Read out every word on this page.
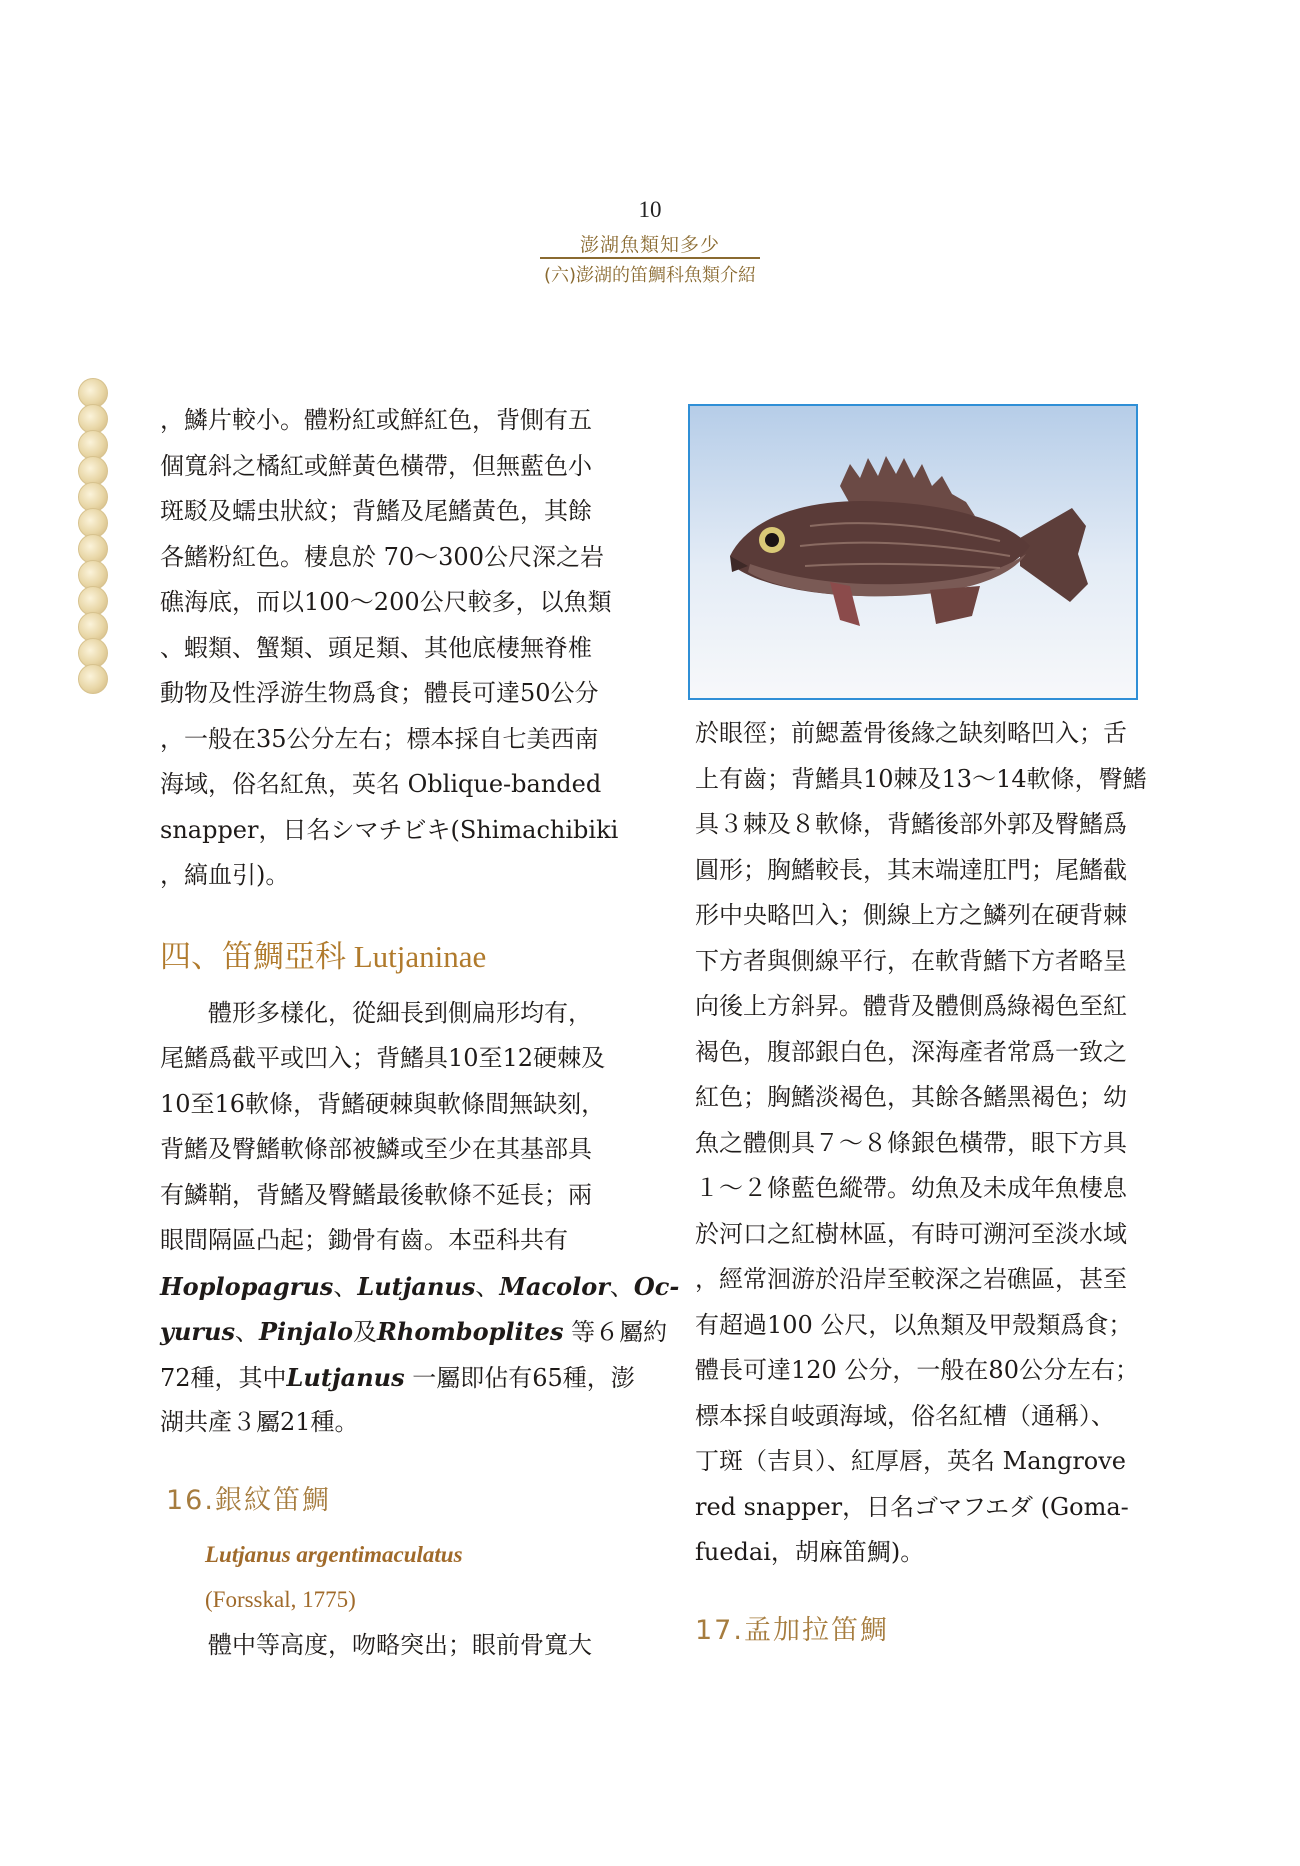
10
澎湖魚類知多少
(六)澎湖的笛鯛科魚類介紹
，鱗片較小。體粉紅或鮮紅色，背側有五
個寬斜之橘紅或鮮黃色橫帶，但無藍色小
斑駁及蠕虫狀紋；背鰭及尾鰭黃色，其餘
各鰭粉紅色。棲息於 70～300公尺深之岩
礁海底，而以100～200公尺較多，以魚類
、蝦類、蟹類、頭足類、其他底棲無脊椎
動物及性浮游生物爲食；體長可達50公分
，一般在35公分左右；標本採自七美西南
海域，俗名紅魚，英名 Oblique-banded
snapper，日名シマチビキ(Shimachibiki
，縞血引)。
四、笛鯛亞科 Lutjaninae
體形多樣化，從細長到側扁形均有，
尾鰭爲截平或凹入；背鰭具10至12硬棘及
10至16軟條，背鰭硬棘與軟條間無缺刻，
背鰭及臀鰭軟條部被鱗或至少在其基部具
有鱗鞘，背鰭及臀鰭最後軟條不延長；兩
眼間隔區凸起；鋤骨有齒。本亞科共有
Hoplopagrus、Lutjanus、Macolor、Oc-
yurus、Pinjalo及Rhomboplites 等６屬約
72種，其中Lutjanus 一屬即佔有65種，澎
湖共產３屬21種。
16.銀紋笛鯛
Lutjanus argentimaculatus
(Forsskal, 1775)
體中等高度，吻略突出；眼前骨寬大
於眼徑；前鰓蓋骨後緣之缺刻略凹入；舌
上有齒；背鰭具10棘及13～14軟條，臀鰭
具３棘及８軟條，背鰭後部外郭及臀鰭爲
圓形；胸鰭較長，其末端達肛門；尾鰭截
形中央略凹入；側線上方之鱗列在硬背棘
下方者與側線平行，在軟背鰭下方者略呈
向後上方斜昇。體背及體側爲綠褐色至紅
褐色，腹部銀白色，深海產者常爲一致之
紅色；胸鰭淡褐色，其餘各鰭黑褐色；幼
魚之體側具７～８條銀色橫帶，眼下方具
１～２條藍色縱帶。幼魚及未成年魚棲息
於河口之紅樹林區，有時可溯河至淡水域
，經常洄游於沿岸至較深之岩礁區，甚至
有超過100 公尺，以魚類及甲殼類爲食；
體長可達120 公分，一般在80公分左右；
標本採自岐頭海域，俗名紅槽（通稱）、
丁斑（吉貝）、紅厚唇，英名 Mangrove
red snapper，日名ゴマフエダ (Goma-
fuedai，胡麻笛鯛)。
17.孟加拉笛鯛
